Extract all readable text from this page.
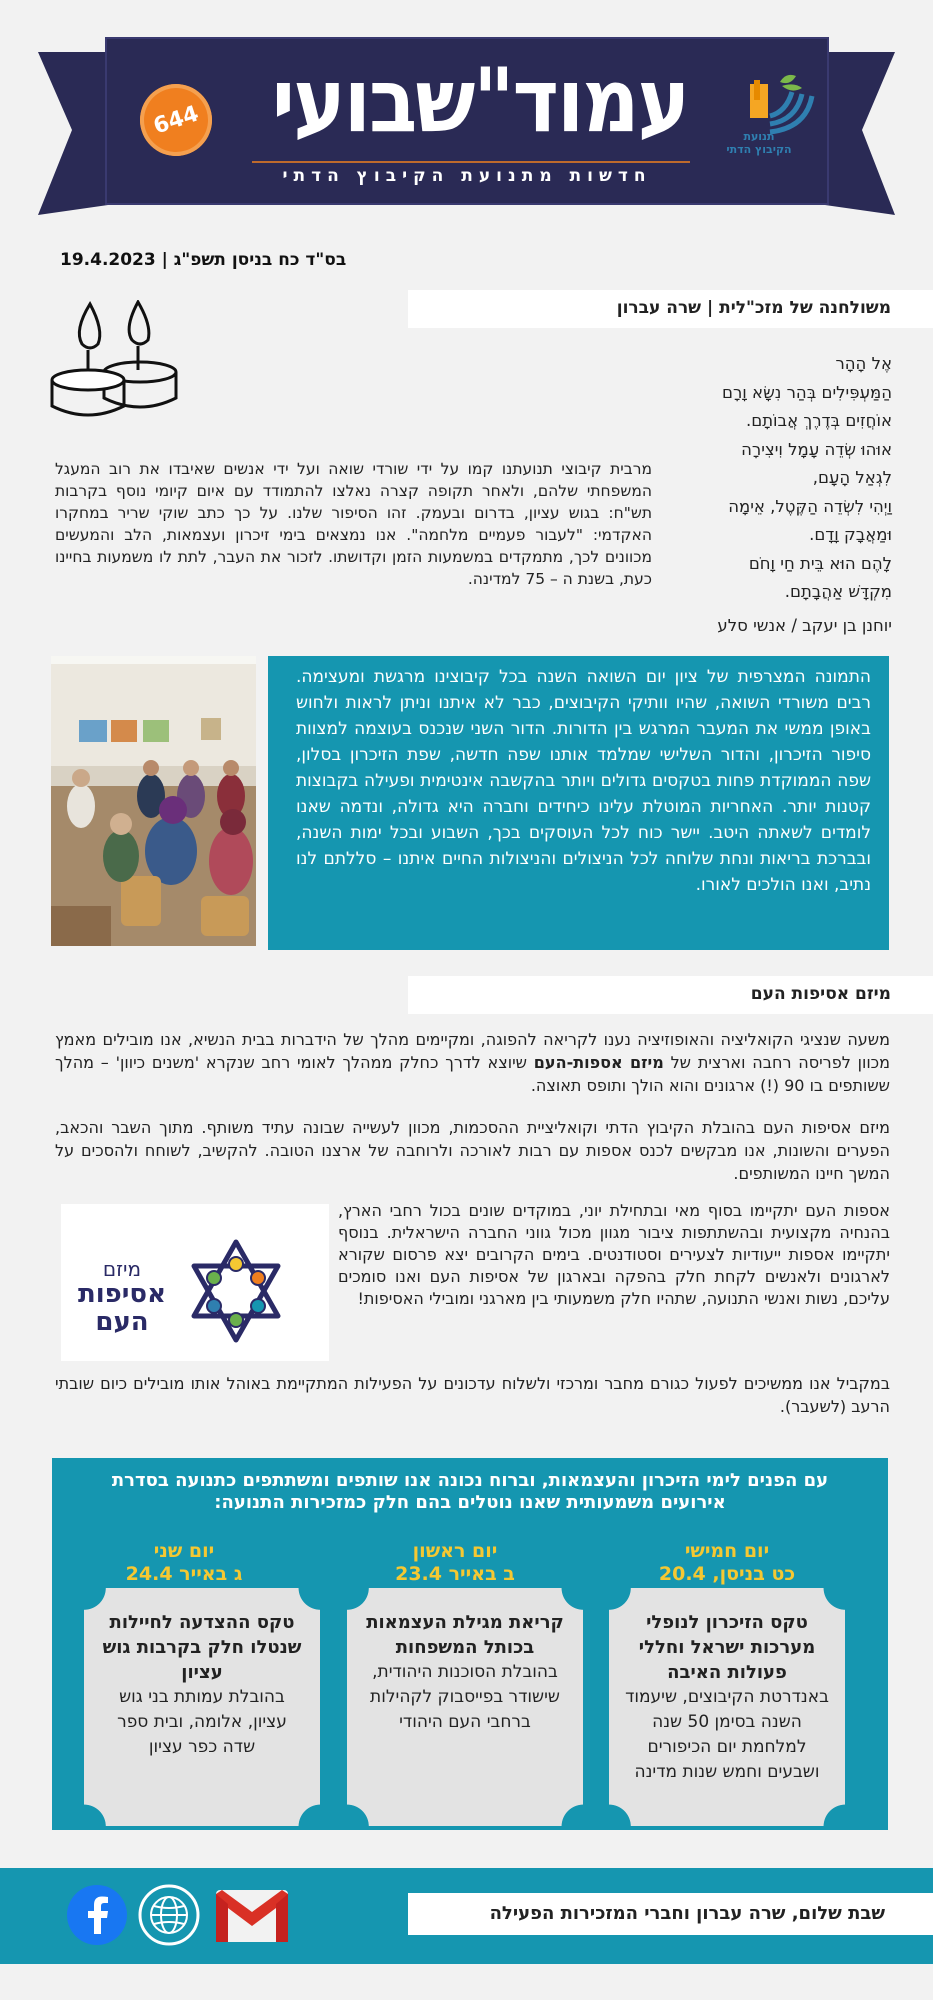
644 עמוד"שבועי
חדשות מתנועת הקיבוץ הדתי
תנועת הקיבוץ הדתי
בס"ד כח בניסן תשפ"ג | 19.4.2023
משולחנה של מזכ"לית | שרה עברון
אֶל הָהָר
הַמַּעְפִּילִים בְּהַר נִשָּׂא וָרָם
אוֹחֲזִים בְּדֶרֶךְ אֲבוֹתָם.
אוּהוּ שְׂדֵה עָמָל וִיצִירָה
לִגְאַל הָעָם,
וַיְהִי לִשְׂדֵה הַקֶּטֶל, אֵימָה
וּמַאֲבָק וָדָם.
לָהֶם הוּא בֵּית חַי וָחֹם
מִקְדָּשׁ אַהֲבָתָם.
יוחנן בן יעקב / אנשי סלע
מרבית קיבוצי תנועתנו קמו על ידי שורדי שואה ועל ידי אנשים שאיבדו את רוב המעגל המשפחתי שלהם, ולאחר תקופה קצרה נאלצו להתמודד עם איום קיומי נוסף בקרבות תש"ח: בגוש עציון, בדרום ובעמק. זהו הסיפור שלנו. על כך כתב שוקי שריר במחקרו האקדמי: "לעבור פעמיים מלחמה". אנו נמצאים בימי זיכרון ועצמאות, הלב והמעשים מכוונים לכך, מתמקדים במשמעות הזמן וקדושתו. לזכור את העבר, לתת לו משמעות בחיינו כעת, בשנת ה – 75 למדינה.
התמונה המצרפית של ציון יום השואה השנה בכל קיבוצינו מרגשת ומעצימה. רבים משורדי השואה, שהיו וותיקי הקיבוצים, כבר לא איתנו וניתן לראות ולחוש באופן ממשי את המעבר המרגש בין הדורות. הדור השני שנכנס בעוצמה למצוות סיפור הזיכרון, והדור השלישי שמלמד אותנו שפה חדשה, שפת הזיכרון בסלון, שפה הממוקדת פחות בטקסים גדולים ויותר בהקשבה אינטימית ופעילה בקבוצות קטנות יותר. האחריות המוטלת עלינו כיחידים וחברה היא גדולה, ונדמה שאנו לומדים לשאתה היטב. יישר כוח לכל העוסקים בכך, השבוע ובכל ימות השנה, ובברכת בריאות ונחת שלוחה לכל הניצולים והניצולות החיים איתנו – סללתם לנו נתיב, ואנו הולכים לאורו.
מיזם אסיפות העם
משעה שנציגי הקואליציה והאופוזיציה נענו לקריאה להפוגה, ומקיימים מהלך של הידברות בבית הנשיא, אנו מובילים מאמץ מכוון לפריסה רחבה וארצית של מיזם אספות-העם שיוצא לדרך כחלק ממהלך לאומי רחב שנקרא 'משנים כיוון' – מהלך ששותפים בו 90 (!) ארגונים והוא הולך ותופס תאוצה.
מיזם אסיפות העם בהובלת הקיבוץ הדתי וקואליציית ההסכמות, מכוון לעשייה שבונה עתיד משותף. מתוך השבר והכאב, הפערים והשונות, אנו מבקשים לכנס אספות עם רבות לאורכה ולרוחבה של ארצנו הטובה. להקשיב, לשוחח ולהסכים על המשך חיינו המשותפים.
אספות העם יתקיימו בסוף מאי ובתחילת יוני, במוקדים שונים בכול רחבי הארץ, בהנחיה מקצועית ובהשתתפות ציבור מגוון מכול גווני החברה הישראלית. בנוסף יתקיימו אספות ייעודיות לצעירים וסטודנטים. בימים הקרובים יצא פרסום שקורא לארגונים ולאנשים לקחת חלק בהפקה ובארגון של אסיפות העם ואנו סומכים עליכם, נשות ואנשי התנועה, שתהיו חלק משמעותי בין מארגני ומובילי האסיפות!
מיזם
אסיפות
העם
במקביל אנו ממשיכים לפעול כגורם מחבר ומרכזי ולשלוח עדכונים על הפעילות המתקיימת באוהל אותו מובילים כיום שובתי הרעב (לשעבר).
עם הפנים לימי הזיכרון והעצמאות, וברוח נכונה אנו שותפים ומשתתפים כתנועה בסדרת אירועים משמעותית שאנו נוטלים בהם חלק כמזכירות התנועה:
יום חמישי
כט בניסן, 20.4
טקס הזיכרון לנופלי מערכות ישראל וחללי פעולות האיבה
באנדרטת הקיבוצים, שיעמוד השנה בסימן 50 שנה למלחמת יום הכיפורים ושבעים וחמש שנות מדינה
יום ראשון
ב באייר 23.4
קריאת מגילת העצמאות בכותל המשפחות
בהובלת הסוכנות היהודית, שישודר בפייסבוק לקהילות ברחבי העם היהודי
יום שני
ג באייר 24.4
טקס ההצדעה לחיילות שנטלו חלק בקרבות גוש עציון
בהובלת עמותת בני גוש עציון, אלומה, ובית ספר שדה כפר עציון
שבת שלום, שרה עברון וחברי המזכירות הפעילה
